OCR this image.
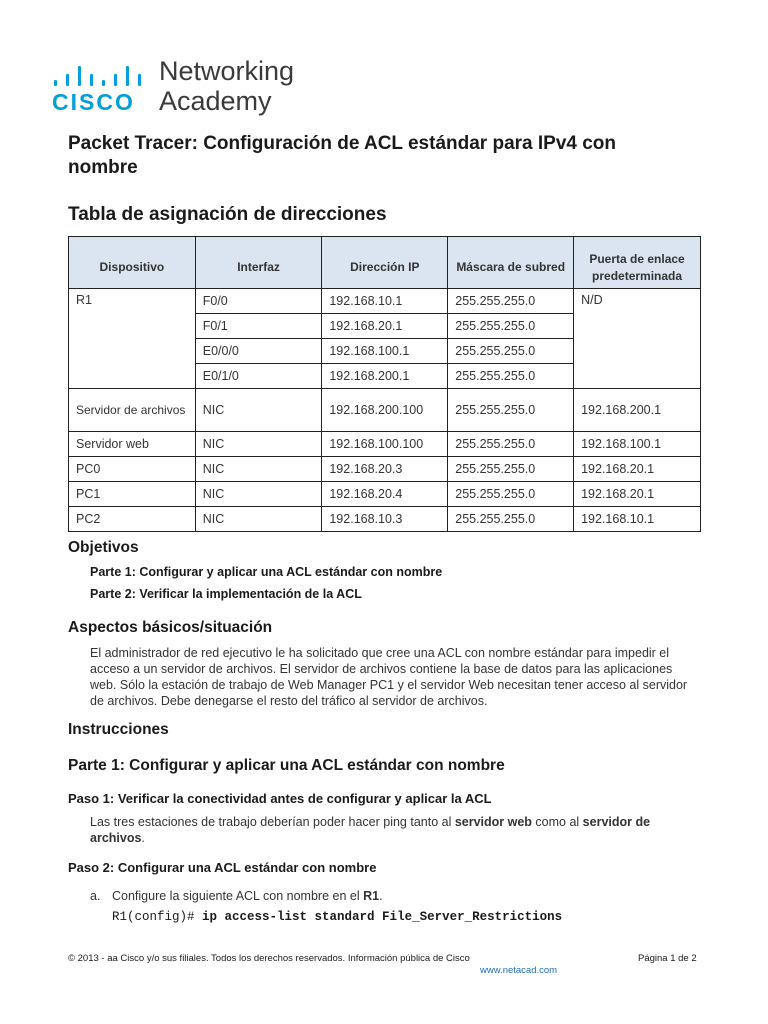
CISCO
Networking
Academy
Packet Tracer: Configuración de ACL estándar para IPv4 con nombre
Tabla de asignación de direcciones
Dispositivo	Interfaz	Dirección IP	Máscara de subred	Puerta de enlace predeterminada
R1	F0/0	192.168.10.1	255.255.255.0	N/D
	F0/1	192.168.20.1	255.255.255.0	
	E0/0/0	192.168.100.1	255.255.255.0	
	E0/1/0	192.168.200.1	255.255.255.0	
Servidor de archivos	NIC	192.168.200.100	255.255.255.0	192.168.200.1
Servidor web	NIC	192.168.100.100	255.255.255.0	192.168.100.1
PC0	NIC	192.168.20.3	255.255.255.0	192.168.20.1
PC1	NIC	192.168.20.4	255.255.255.0	192.168.20.1
PC2	NIC	192.168.10.3	255.255.255.0	192.168.10.1
Objetivos
Parte 1: Configurar y aplicar una ACL estándar con nombre
Parte 2: Verificar la implementación de la ACL
Aspectos básicos/situación
El administrador de red ejecutivo le ha solicitado que cree una ACL con nombre estándar para impedir el acceso a un servidor de archivos. El servidor de archivos contiene la base de datos para las aplicaciones web. Sólo la estación de trabajo de Web Manager PC1 y el servidor Web necesitan tener acceso al servidor de archivos. Debe denegarse el resto del tráfico al servidor de archivos.
Instrucciones
Parte 1: Configurar y aplicar una ACL estándar con nombre
Paso 1: Verificar la conectividad antes de configurar y aplicar la ACL
Las tres estaciones de trabajo deberían poder hacer ping tanto al servidor web como al servidor de archivos.
Paso 2: Configurar una ACL estándar con nombre
a. Configure la siguiente ACL con nombre en el R1.
R1(config)# ip access-list standard File_Server_Restrictions
© 2013 - aa Cisco y/o sus filiales. Todos los derechos reservados. Información pública de Cisco	Página 1 de 2
www.netacad.com
